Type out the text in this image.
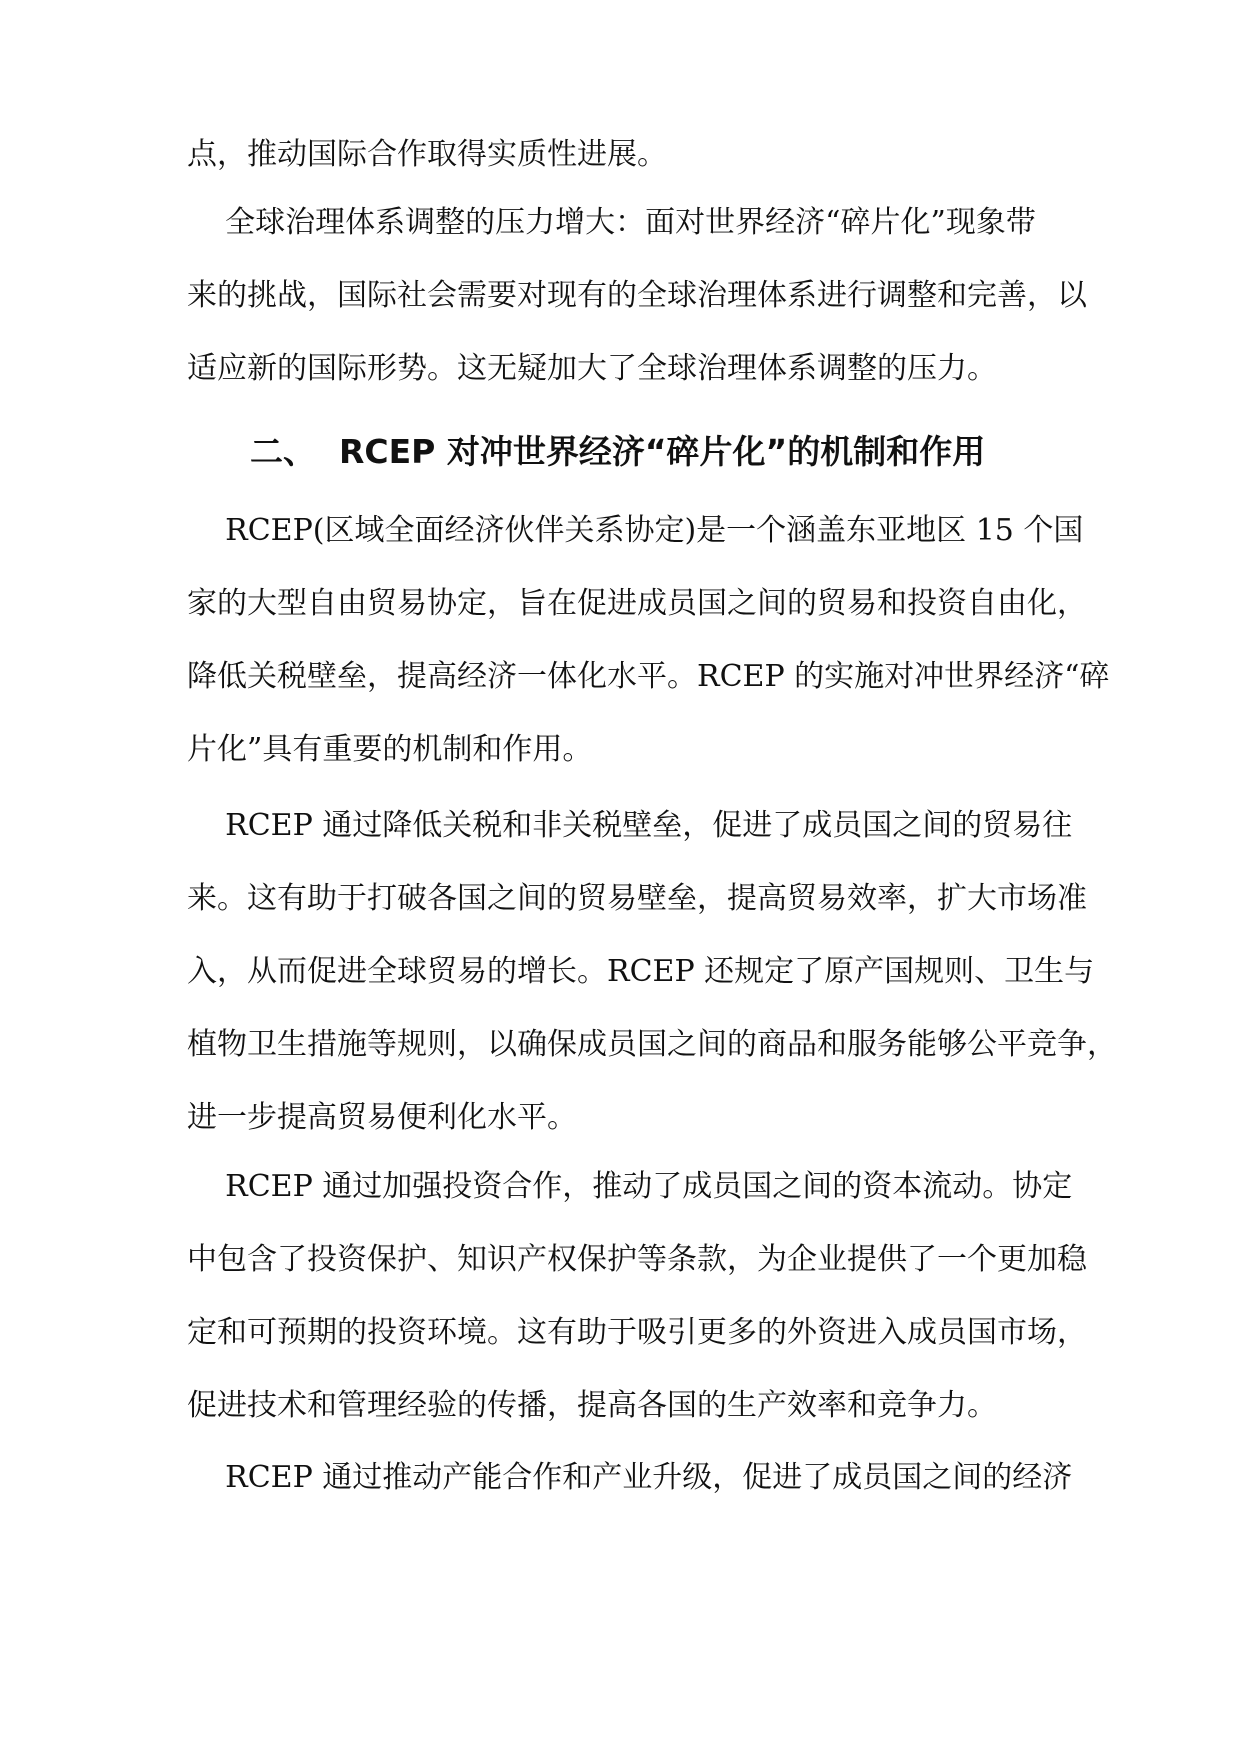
点，推动国际合作取得实质性进展。

全球治理体系调整的压力增大：面对世界经济“碎片化”现象带
来的挑战，国际社会需要对现有的全球治理体系进行调整和完善，以
适应新的国际形势。这无疑加大了全球治理体系调整的压力。

二、  RCEP 对冲世界经济“碎片化”的机制和作用

RCEP(区域全面经济伙伴关系协定)是一个涵盖东亚地区 15 个国
家的大型自由贸易协定，旨在促进成员国之间的贸易和投资自由化，
降低关税壁垒，提高经济一体化水平。RCEP 的实施对冲世界经济“碎
片化”具有重要的机制和作用。

RCEP 通过降低关税和非关税壁垒，促进了成员国之间的贸易往
来。这有助于打破各国之间的贸易壁垒，提高贸易效率，扩大市场准
入，从而促进全球贸易的增长。RCEP 还规定了原产国规则、卫生与
植物卫生措施等规则，以确保成员国之间的商品和服务能够公平竞争，
进一步提高贸易便利化水平。

RCEP 通过加强投资合作，推动了成员国之间的资本流动。协定
中包含了投资保护、知识产权保护等条款，为企业提供了一个更加稳
定和可预期的投资环境。这有助于吸引更多的外资进入成员国市场，
促进技术和管理经验的传播，提高各国的生产效率和竞争力。

RCEP 通过推动产能合作和产业升级，促进了成员国之间的经济
